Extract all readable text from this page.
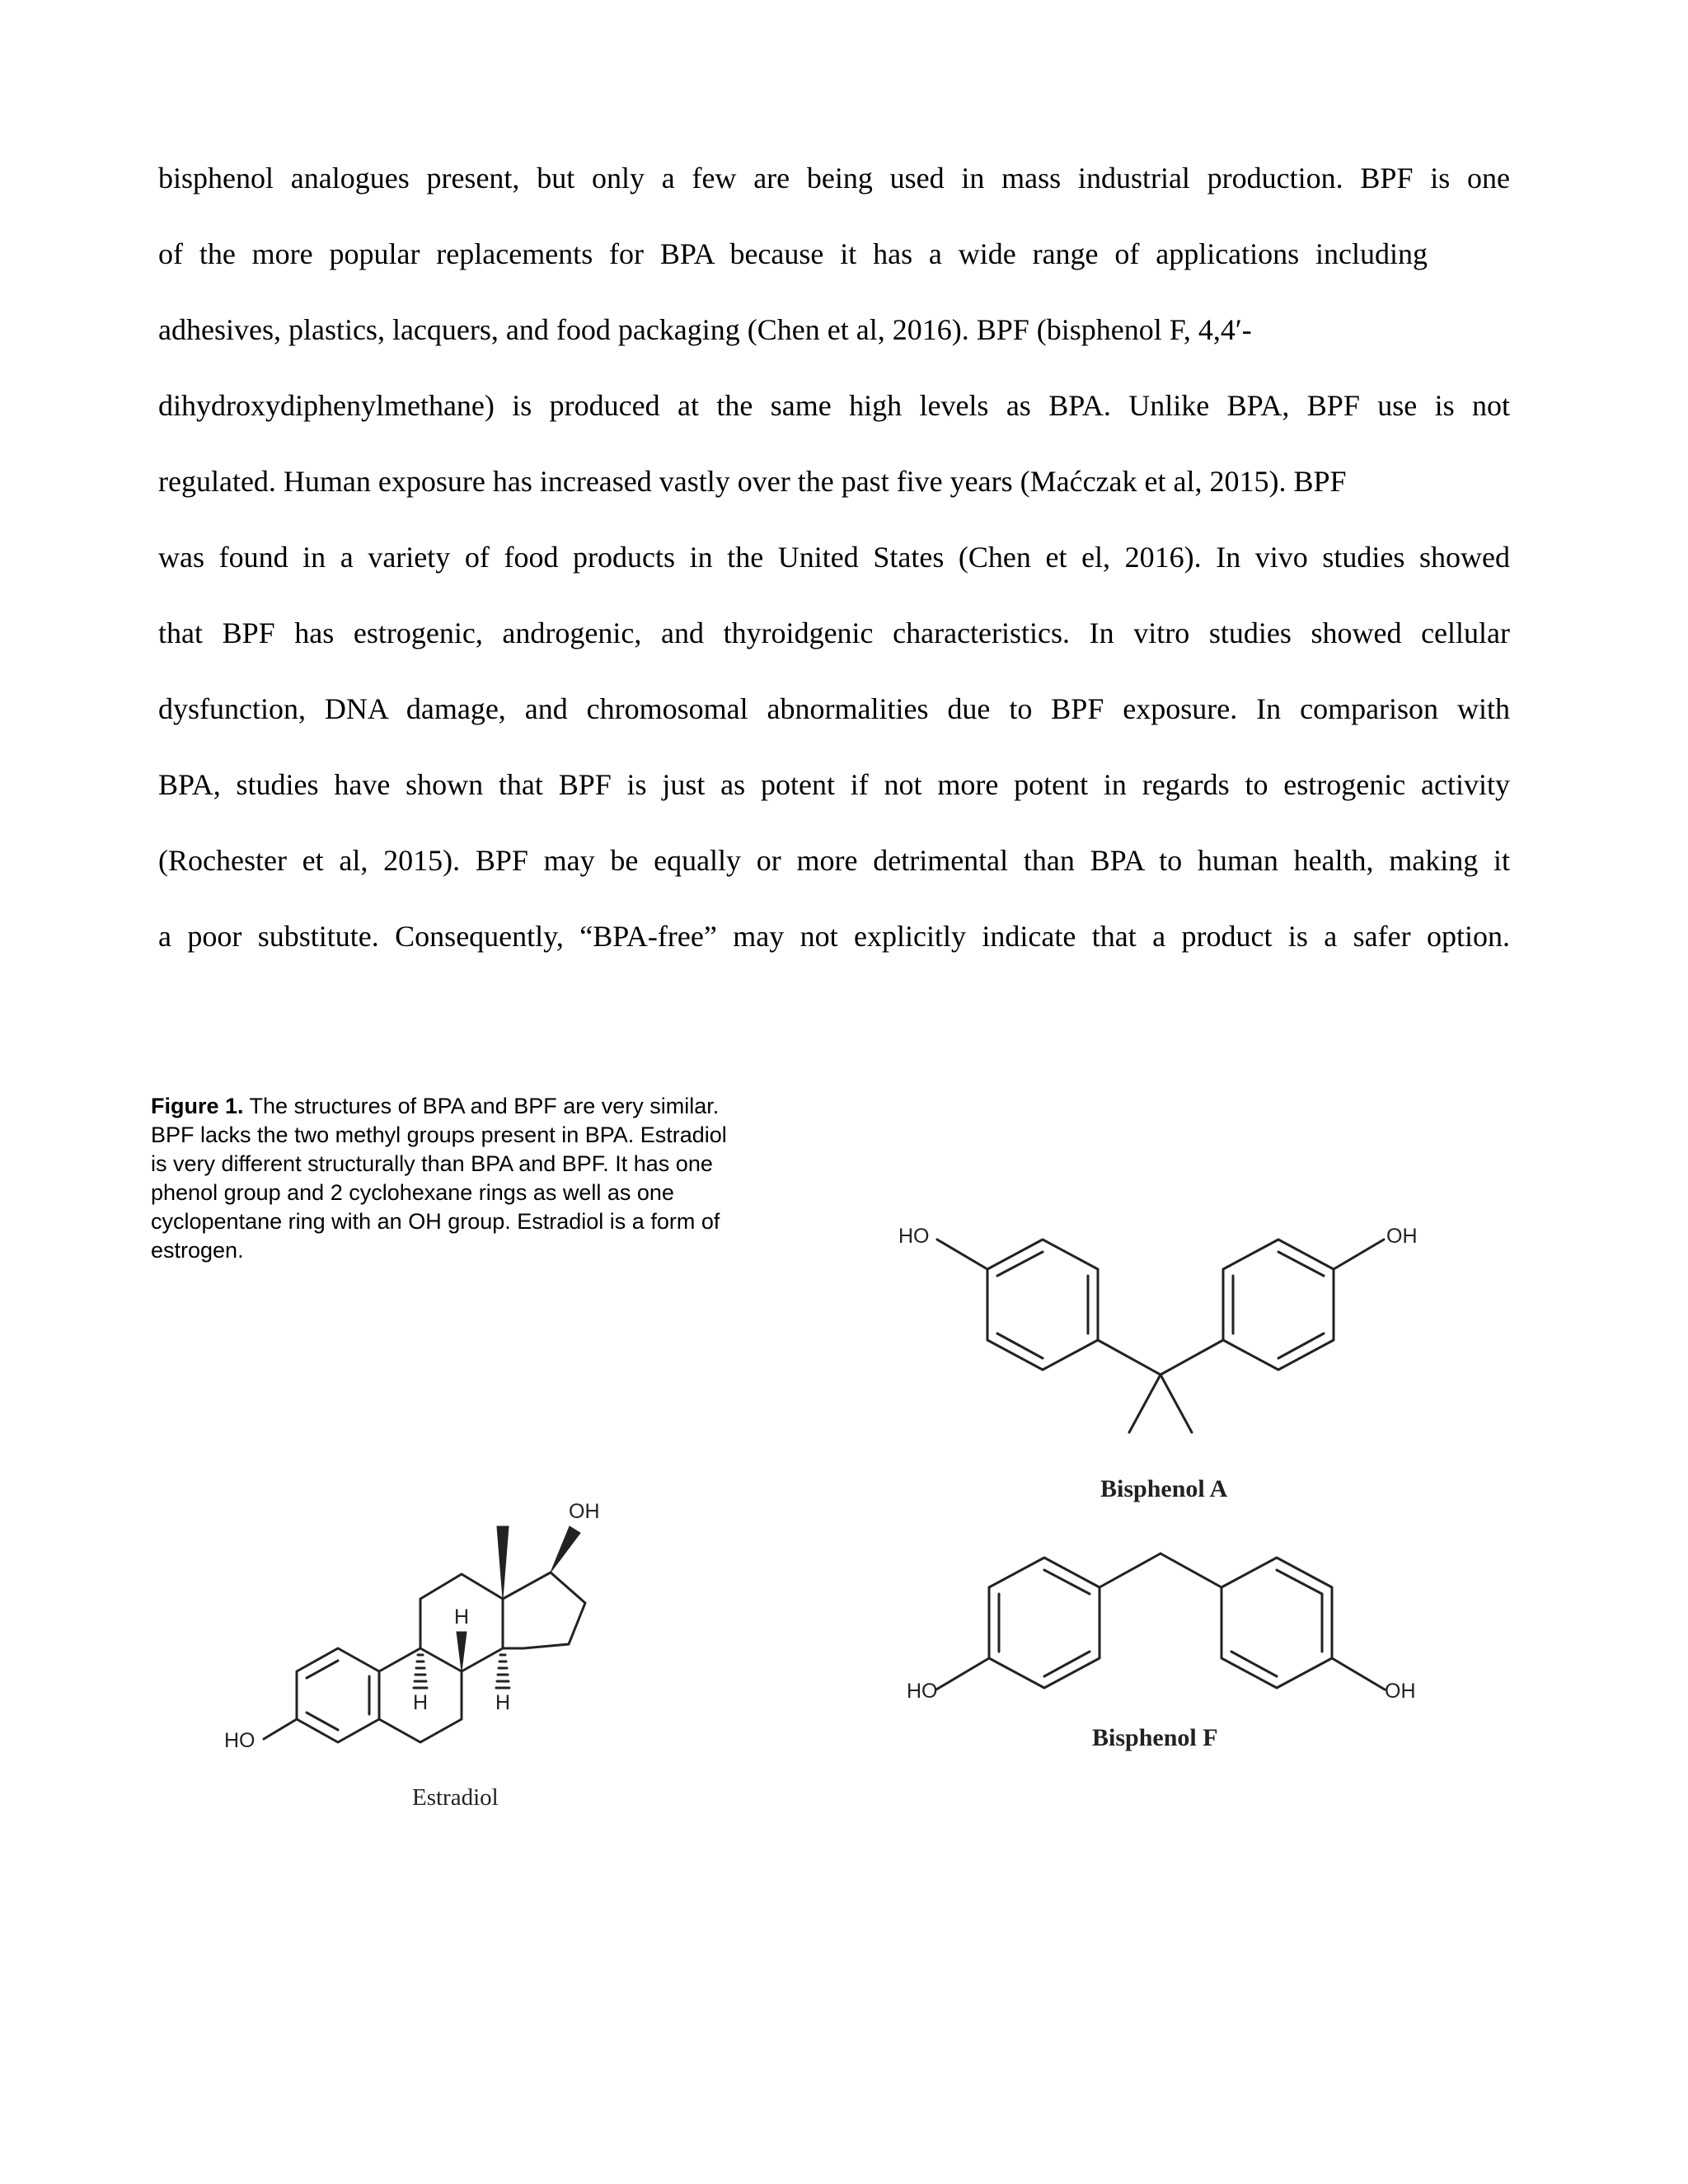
bisphenol analogues present, but only a few are being used in mass industrial production. BPF is one
of the more popular replacements for BPA because it has a wide range of applications including
adhesives, plastics, lacquers, and food packaging (Chen et al, 2016). BPF (bisphenol F, 4,4′-
dihydroxydiphenylmethane) is produced at the same high levels as BPA. Unlike BPA, BPF use is not
regulated. Human exposure has increased vastly over the past five years (Maćczak et al, 2015). BPF
was found in a variety of food products in the United States (Chen et el, 2016). In vivo studies showed
that BPF has estrogenic, androgenic, and thyroidgenic characteristics. In vitro studies showed cellular
dysfunction, DNA damage, and chromosomal abnormalities due to BPF exposure. In comparison with
BPA, studies have shown that BPF is just as potent if not more potent in regards to estrogenic activity
(Rochester et al, 2015). BPF may be equally or more detrimental than BPA to human health, making it
a poor substitute. Consequently, “BPA-free” may not explicitly indicate that a product is a safer option.
Figure 1. The structures of BPA and BPF are very similar.
BPF lacks the two methyl groups present in BPA. Estradiol
is very different structurally than BPA and BPF. It has one
phenol group and 2 cyclohexane rings as well as one
cyclopentane ring with an OH group. Estradiol is a form of
estrogen.
HO	OH
Bisphenol A
HO	OH
Bisphenol F
HO
OH
H
H	H
Estradiol
